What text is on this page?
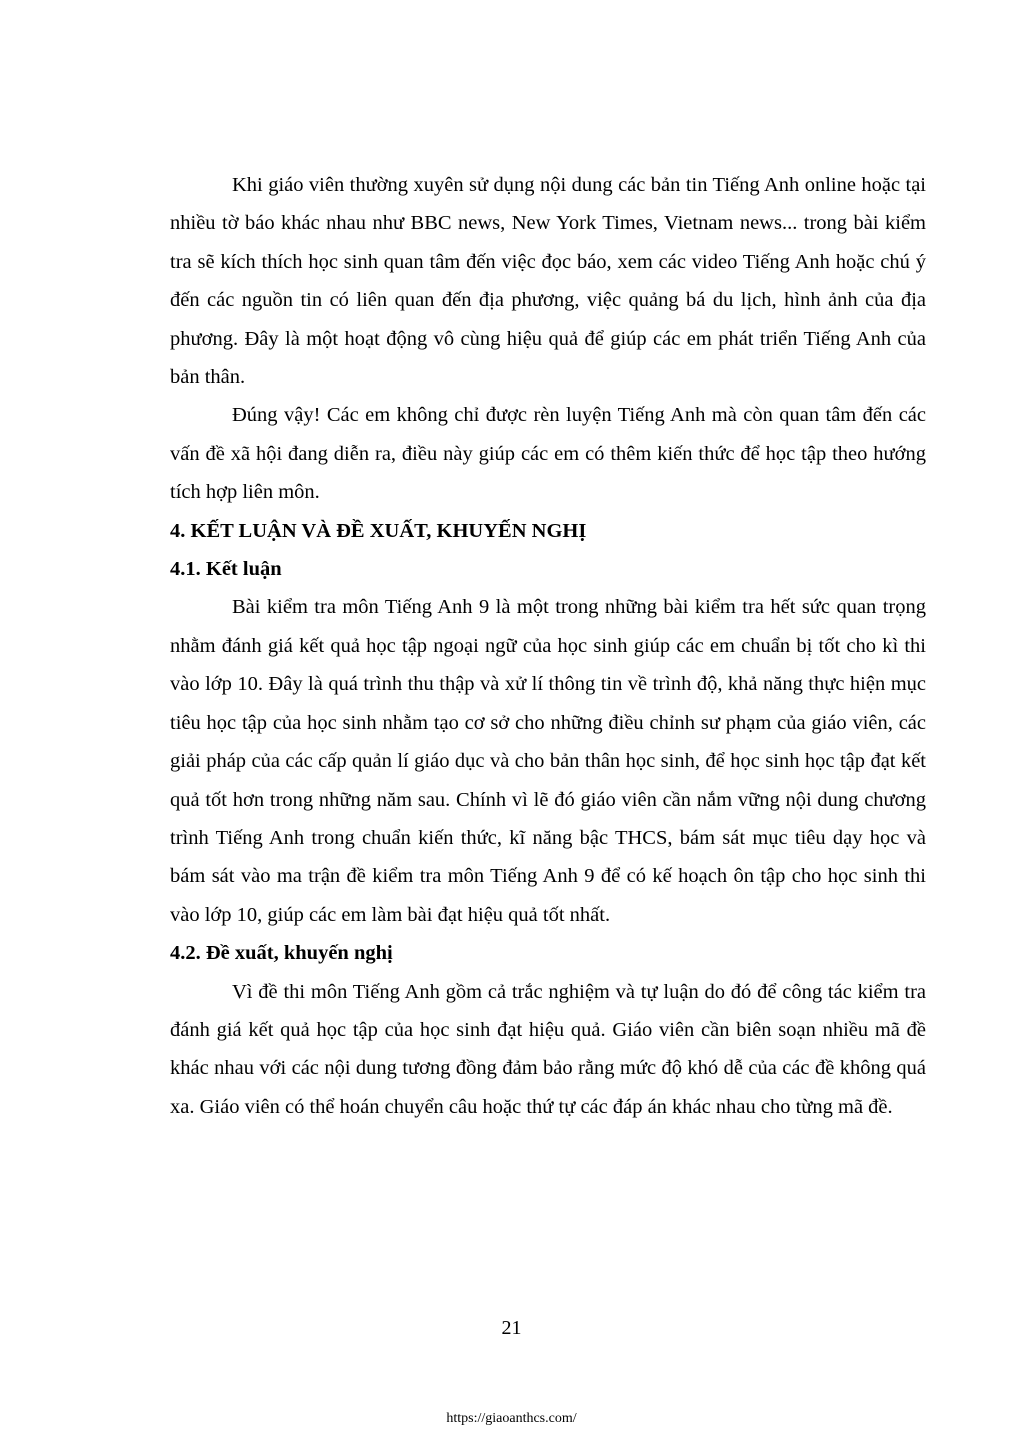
Khi giáo viên thường xuyên sử dụng nội dung các bản tin Tiếng Anh online hoặc tại nhiều tờ báo khác nhau như BBC news, New York Times, Vietnam news... trong bài kiểm tra sẽ kích thích học sinh quan tâm đến việc đọc báo, xem các video Tiếng Anh hoặc chú ý đến các nguồn tin có liên quan đến địa phương, việc quảng bá du lịch, hình ảnh của địa phương. Đây là một hoạt động vô cùng hiệu quả để giúp các em phát triển Tiếng Anh của bản thân.

Đúng vậy! Các em không chỉ được rèn luyện Tiếng Anh mà còn quan tâm đến các vấn đề xã hội đang diễn ra, điều này giúp các em có thêm kiến thức để học tập theo hướng tích hợp liên môn.

4. KẾT LUẬN VÀ ĐỀ XUẤT, KHUYẾN NGHỊ

4.1. Kết luận

Bài kiểm tra môn Tiếng Anh 9 là một trong những bài kiểm tra hết sức quan trọng nhằm đánh giá kết quả học tập ngoại ngữ của học sinh giúp các em chuẩn bị tốt cho kì thi vào lớp 10. Đây là quá trình thu thập và xử lí thông tin về trình độ, khả năng thực hiện mục tiêu học tập của học sinh nhằm tạo cơ sở cho những điều chỉnh sư phạm của giáo viên, các giải pháp của các cấp quản lí giáo dục và cho bản thân học sinh, để học sinh học tập đạt kết quả tốt hơn trong những năm sau. Chính vì lẽ đó giáo viên cần nắm vững nội dung chương trình Tiếng Anh trong chuẩn kiến thức, kĩ năng bậc THCS, bám sát mục tiêu dạy học và bám sát vào ma trận đề kiểm tra môn Tiếng Anh 9 để có kế hoạch ôn tập cho học sinh thi vào lớp 10, giúp các em làm bài đạt hiệu quả tốt nhất.

4.2. Đề xuất, khuyến nghị

Vì đề thi môn Tiếng Anh gồm cả trắc nghiệm và tự luận do đó để công tác kiểm tra đánh giá kết quả học tập của học sinh đạt hiệu quả. Giáo viên cần biên soạn nhiều mã đề khác nhau với các nội dung tương đồng đảm bảo rằng mức độ khó dễ của các đề không quá xa. Giáo viên có thể hoán chuyển câu hoặc thứ tự các đáp án khác nhau cho từng mã đề.

21
https://giaoanthcs.com/
